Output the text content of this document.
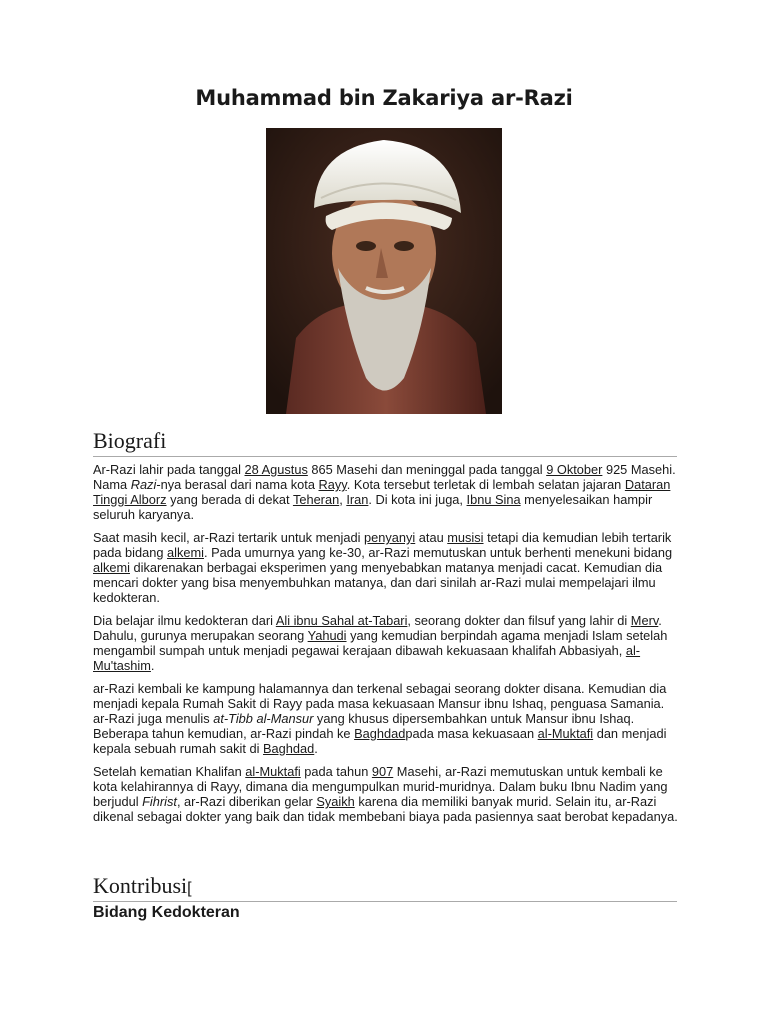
Muhammad bin Zakariya ar-Razi
Biografi

Ar-Razi lahir pada tanggal 28 Agustus 865 Masehi dan meninggal pada tanggal 9 Oktober 925 Masehi. Nama Razi-nya berasal dari nama kota Rayy. Kota tersebut terletak di lembah selatan jajaran Dataran Tinggi Alborz yang berada di dekat Teheran, Iran. Di kota ini juga, Ibnu Sina menyelesaikan hampir seluruh karyanya.

Saat masih kecil, ar-Razi tertarik untuk menjadi penyanyi atau musisi tetapi dia kemudian lebih tertarik pada bidang alkemi. Pada umurnya yang ke-30, ar-Razi memutuskan untuk berhenti menekuni bidang alkemi dikarenakan berbagai eksperimen yang menyebabkan matanya menjadi cacat. Kemudian dia mencari dokter yang bisa menyembuhkan matanya, dan dari sinilah ar-Razi mulai mempelajari ilmu kedokteran.

Dia belajar ilmu kedokteran dari Ali ibnu Sahal at-Tabari, seorang dokter dan filsuf yang lahir di Merv. Dahulu, gurunya merupakan seorang Yahudi yang kemudian berpindah agama menjadi Islam setelah mengambil sumpah untuk menjadi pegawai kerajaan dibawah kekuasaan khalifah Abbasiyah, al-Mu'tashim.

ar-Razi kembali ke kampung halamannya dan terkenal sebagai seorang dokter disana. Kemudian dia menjadi kepala Rumah Sakit di Rayy pada masa kekuasaan Mansur ibnu Ishaq, penguasa Samania. ar-Razi juga menulis at-Tibb al-Mansur yang khusus dipersembahkan untuk Mansur ibnu Ishaq. Beberapa tahun kemudian, ar-Razi pindah ke Baghdadpada masa kekuasaan al-Muktafi dan menjadi kepala sebuah rumah sakit di Baghdad.

Setelah kematian Khalifan al-Muktafi pada tahun 907 Masehi, ar-Razi memutuskan untuk kembali ke kota kelahirannya di Rayy, dimana dia mengumpulkan murid-muridnya. Dalam buku Ibnu Nadim yang berjudul Fihrist, ar-Razi diberikan gelar Syaikh karena dia memiliki banyak murid. Selain itu, ar-Razi dikenal sebagai dokter yang baik dan tidak membebani biaya pada pasiennya saat berobat kepadanya.

Kontribusi[
Bidang Kedokteran
